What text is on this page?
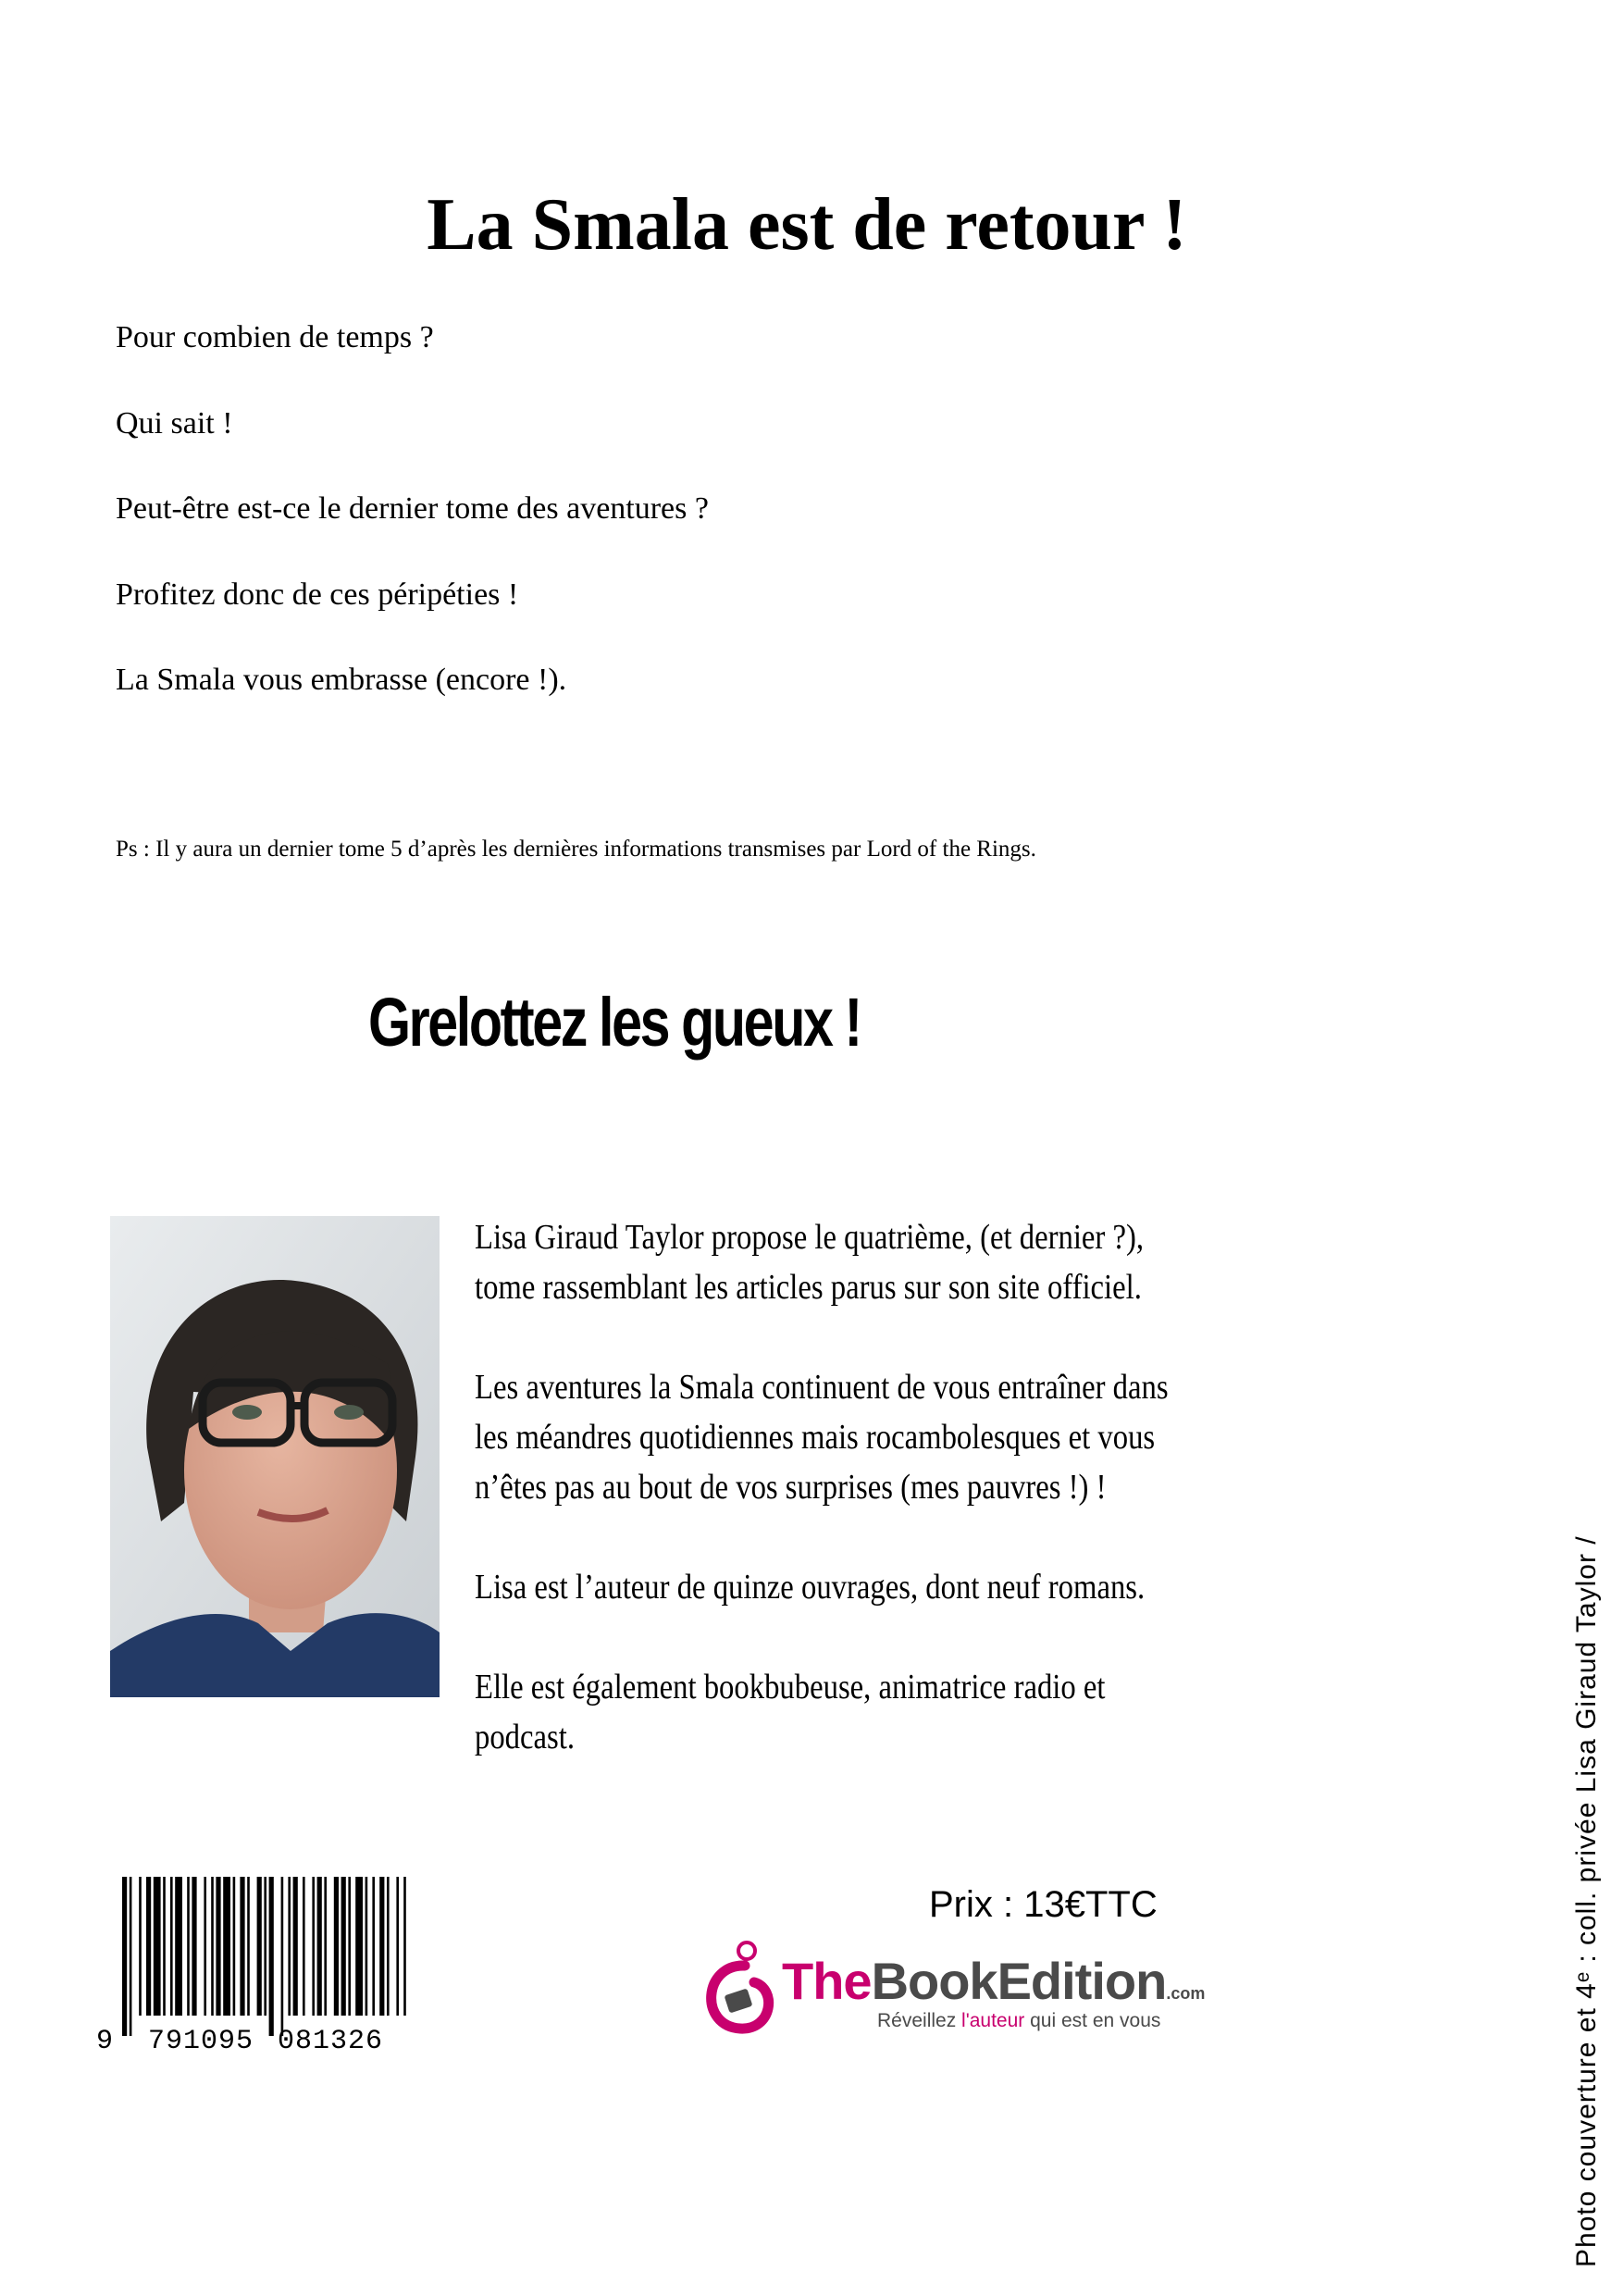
La Smala est de retour !
Pour combien de temps ?
Qui sait !
Peut-être est-ce le dernier tome des aventures ?
Profitez donc de ces péripéties !
La Smala vous embrasse (encore !).
Ps : Il y aura un dernier tome 5 d’après les dernières informations transmises par Lord of the Rings.
Grelottez les gueux !

Lisa Giraud Taylor propose le quatrième, (et dernier ?), tome rassemblant les articles parus sur son site officiel.

Les aventures la Smala continuent de vous entraîner dans les méandres quotidiennes mais rocambolesques et vous n’êtes pas au bout de vos surprises (mes pauvres !) !

Lisa est l’auteur de quinze ouvrages, dont neuf romans.

Elle est également bookbubeuse, animatrice radio et podcast.

9 791095 081326
Prix : 13€TTC
TheBookEdition.com
Réveillez l'auteur qui est en vous	Photo couverture et 4ᵉ : coll. privée Lisa Giraud Taylor /
